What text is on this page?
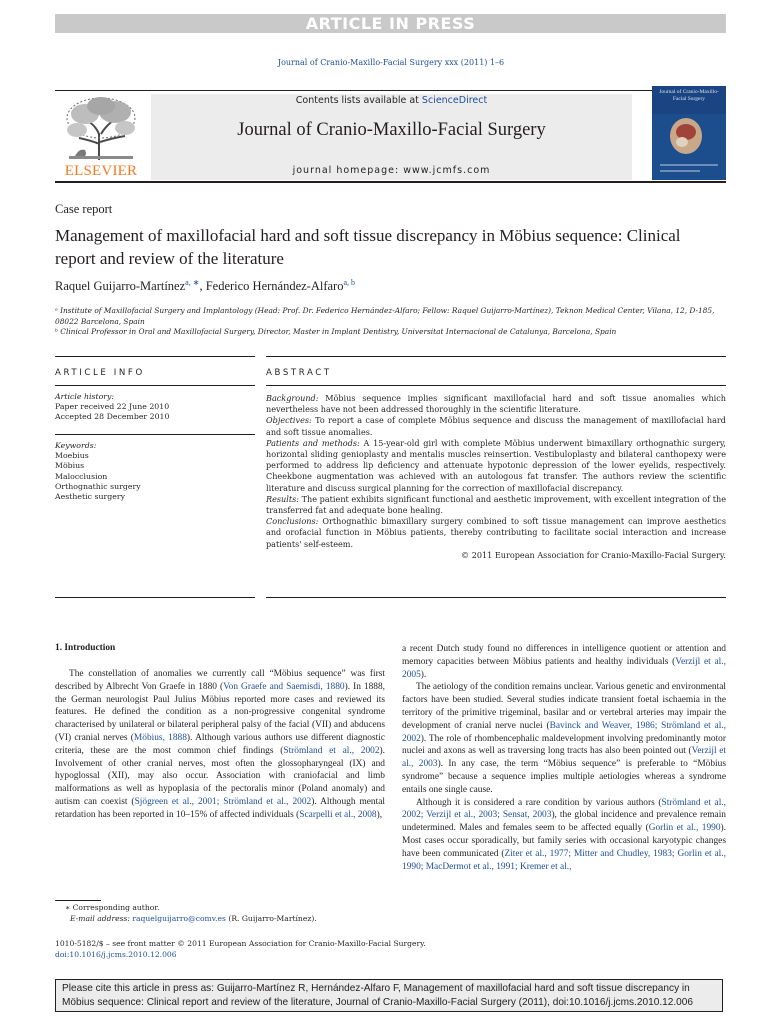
ARTICLE IN PRESS
Journal of Cranio-Maxillo-Facial Surgery xxx (2011) 1–6
ELSEVIER
Contents lists available at ScienceDirect
Journal of Cranio-Maxillo-Facial Surgery
journal homepage: www.jcmfs.com
Journal of Cranio-Maxillo-Facial Surgery
Case report
Management of maxillofacial hard and soft tissue discrepancy in Möbius sequence: Clinical report and review of the literature
Raquel Guijarro-Martínez$^{a, ∗}$, Federico Hernández-Alfaro$^{a, b}$
ᵃ Institute of Maxillofacial Surgery and Implantology (Head: Prof. Dr. Federico Hernández-Alfaro; Fellow: Raquel Guijarro-Martínez), Teknon Medical Center, Vilana, 12, D-185, 08022 Barcelona, Spain
ᵇ Clinical Professor in Oral and Maxillofacial Surgery, Director, Master in Implant Dentistry, Universitat Internacional de Catalunya, Barcelona, Spain
ARTICLE INFO	ABSTRACT
Article history:
Paper received 22 June 2010
Accepted 28 December 2010
Keywords:
Moebius
Möbius
Malocclusion
Orthognathic surgery
Aesthetic surgery

Background: Möbius sequence implies significant maxillofacial hard and soft tissue anomalies which nevertheless have not been addressed thoroughly in the scientific literature.

Objectives: To report a case of complete Möbius sequence and discuss the management of maxillofacial hard and soft tissue anomalies.

Patients and methods: A 15-year-old girl with complete Möbius underwent bimaxillary orthognathic surgery, horizontal sliding genioplasty and mentalis muscles reinsertion. Vestibuloplasty and bilateral canthopexy were performed to address lip deficiency and attenuate hypotonic depression of the lower eyelids, respectively. Cheekbone augmentation was achieved with an autologous fat transfer. The authors review the scientific literature and discuss surgical planning for the correction of maxillofacial discrepancy.

Results: The patient exhibits significant functional and aesthetic improvement, with excellent integration of the transferred fat and adequate bone healing.

Conclusions: Orthognathic bimaxillary surgery combined to soft tissue management can improve aesthetics and orofacial function in Möbius patients, thereby contributing to facilitate social interaction and increase patients' self-esteem.

© 2011 European Association for Cranio-Maxillo-Facial Surgery.

1. Introduction

The constellation of anomalies we currently call “Möbius sequence” was first described by Albrecht Von Graefe in 1880 (Von Graefe and Saemisdi, 1880). In 1888, the German neurologist Paul Julius Möbius reported more cases and reviewed its features. He defined the condition as a non-progressive congenital syndrome characterised by unilateral or bilateral peripheral palsy of the facial (VII) and abducens (VI) cranial nerves (Möbius, 1888). Although various authors use different diagnostic criteria, these are the most common chief findings (Strömland et al., 2002). Involvement of other cranial nerves, most often the glossopharyngeal (IX) and hypoglossal (XII), may also occur. Association with craniofacial and limb malformations as well as hypoplasia of the pectoralis minor (Poland anomaly) and autism can coexist (Sjögreen et al., 2001; Strömland et al., 2002). Although mental retardation has been reported in 10–15% of affected individuals (Scarpelli et al., 2008),

a recent Dutch study found no differences in intelligence quotient or attention and memory capacities between Möbius patients and healthy individuals (Verzijl et al., 2005).

The aetiology of the condition remains unclear. Various genetic and environmental factors have been studied. Several studies indicate transient foetal ischaemia in the territory of the primitive trigeminal, basilar and or vertebral arteries may impair the development of cranial nerve nuclei (Bavinck and Weaver, 1986; Strömland et al., 2002). The role of rhombencephalic maldevelopment involving predominantly motor nuclei and axons as well as traversing long tracts has also been pointed out (Verzijl et al., 2003). In any case, the term “Möbius sequence” is preferable to “Möbius syndrome” because a sequence implies multiple aetiologies whereas a syndrome entails one single cause.

Although it is considered a rare condition by various authors (Strömland et al., 2002; Verzijl et al., 2003; Sensat, 2003), the global incidence and prevalence remain undetermined. Males and females seem to be affected equally (Gorlin et al., 1990). Most cases occur sporadically, but family series with occasional karyotypic changes have been communicated (Ziter et al., 1977; Mitter and Chudley, 1983; Gorlin et al., 1990; MacDermot et al., 1991; Kremer et al.,

∗ Corresponding author.
E-mail address: raquelguijarro@comv.es (R. Guijarro-Martínez).
1010-5182/$ – see front matter © 2011 European Association for Cranio-Maxillo-Facial Surgery.
doi:10.1016/j.jcms.2010.12.006
Please cite this article in press as: Guijarro-Martínez R, Hernández-Alfaro F, Management of maxillofacial hard and soft tissue discrepancy in Möbius sequence: Clinical report and review of the literature, Journal of Cranio-Maxillo-Facial Surgery (2011), doi:10.1016/j.jcms.2010.12.006
